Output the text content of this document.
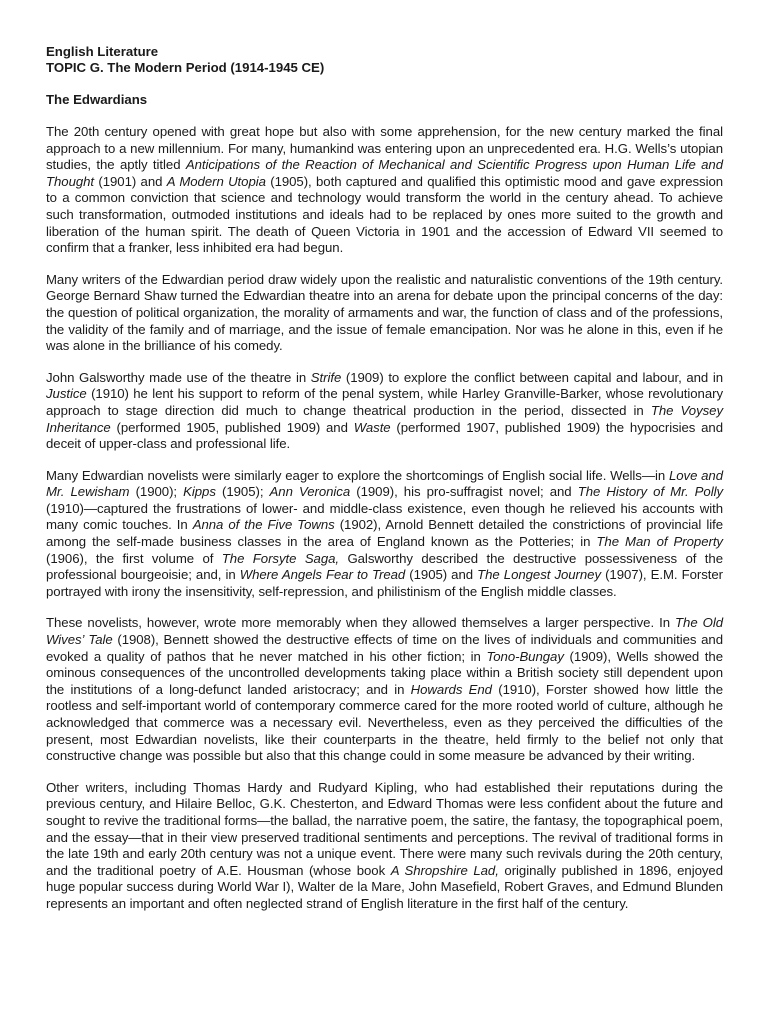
English Literature

TOPIC G. The Modern Period (1914-1945 CE)

The Edwardians

The 20th century opened with great hope but also with some apprehension, for the new century marked the final approach to a new millennium. For many, humankind was entering upon an unprecedented era. H.G. Wells’s utopian studies, the aptly titled Anticipations of the Reaction of Mechanical and Scientific Progress upon Human Life and Thought (1901) and A Modern Utopia (1905), both captured and qualified this optimistic mood and gave expression to a common conviction that science and technology would transform the world in the century ahead. To achieve such transformation, outmoded institutions and ideals had to be replaced by ones more suited to the growth and liberation of the human spirit. The death of Queen Victoria in 1901 and the accession of Edward VII seemed to confirm that a franker, less inhibited era had begun.

Many writers of the Edwardian period draw widely upon the realistic and naturalistic conventions of the 19th century. George Bernard Shaw turned the Edwardian theatre into an arena for debate upon the principal concerns of the day: the question of political organization, the morality of armaments and war, the function of class and of the professions, the validity of the family and of marriage, and the issue of female emancipation. Nor was he alone in this, even if he was alone in the brilliance of his comedy.

John Galsworthy made use of the theatre in Strife (1909) to explore the conflict between capital and labour, and in Justice (1910) he lent his support to reform of the penal system, while Harley Granville-Barker, whose revolutionary approach to stage direction did much to change theatrical production in the period, dissected in The Voysey Inheritance (performed 1905, published 1909) and Waste (performed 1907, published 1909) the hypocrisies and deceit of upper-class and professional life.

Many Edwardian novelists were similarly eager to explore the shortcomings of English social life. Wells—in Love and Mr. Lewisham (1900); Kipps (1905); Ann Veronica (1909), his pro-suffragist novel; and The History of Mr. Polly (1910)—captured the frustrations of lower- and middle-class existence, even though he relieved his accounts with many comic touches. In Anna of the Five Towns (1902), Arnold Bennett detailed the constrictions of provincial life among the self-made business classes in the area of England known as the Potteries; in The Man of Property (1906), the first volume of The Forsyte Saga, Galsworthy described the destructive possessiveness of the professional bourgeoisie; and, in Where Angels Fear to Tread (1905) and The Longest Journey (1907), E.M. Forster portrayed with irony the insensitivity, self-repression, and philistinism of the English middle classes.

These novelists, however, wrote more memorably when they allowed themselves a larger perspective. In The Old Wives’ Tale (1908), Bennett showed the destructive effects of time on the lives of individuals and communities and evoked a quality of pathos that he never matched in his other fiction; in Tono-Bungay (1909), Wells showed the ominous consequences of the uncontrolled developments taking place within a British society still dependent upon the institutions of a long-defunct landed aristocracy; and in Howards End (1910), Forster showed how little the rootless and self-important world of contemporary commerce cared for the more rooted world of culture, although he acknowledged that commerce was a necessary evil. Nevertheless, even as they perceived the difficulties of the present, most Edwardian novelists, like their counterparts in the theatre, held firmly to the belief not only that constructive change was possible but also that this change could in some measure be advanced by their writing.

Other writers, including Thomas Hardy and Rudyard Kipling, who had established their reputations during the previous century, and Hilaire Belloc, G.K. Chesterton, and Edward Thomas were less confident about the future and sought to revive the traditional forms—the ballad, the narrative poem, the satire, the fantasy, the topographical poem, and the essay—that in their view preserved traditional sentiments and perceptions. The revival of traditional forms in the late 19th and early 20th century was not a unique event. There were many such revivals during the 20th century, and the traditional poetry of A.E. Housman (whose book A Shropshire Lad, originally published in 1896, enjoyed huge popular success during World War I), Walter de la Mare, John Masefield, Robert Graves, and Edmund Blunden represents an important and often neglected strand of English literature in the first half of the century.
